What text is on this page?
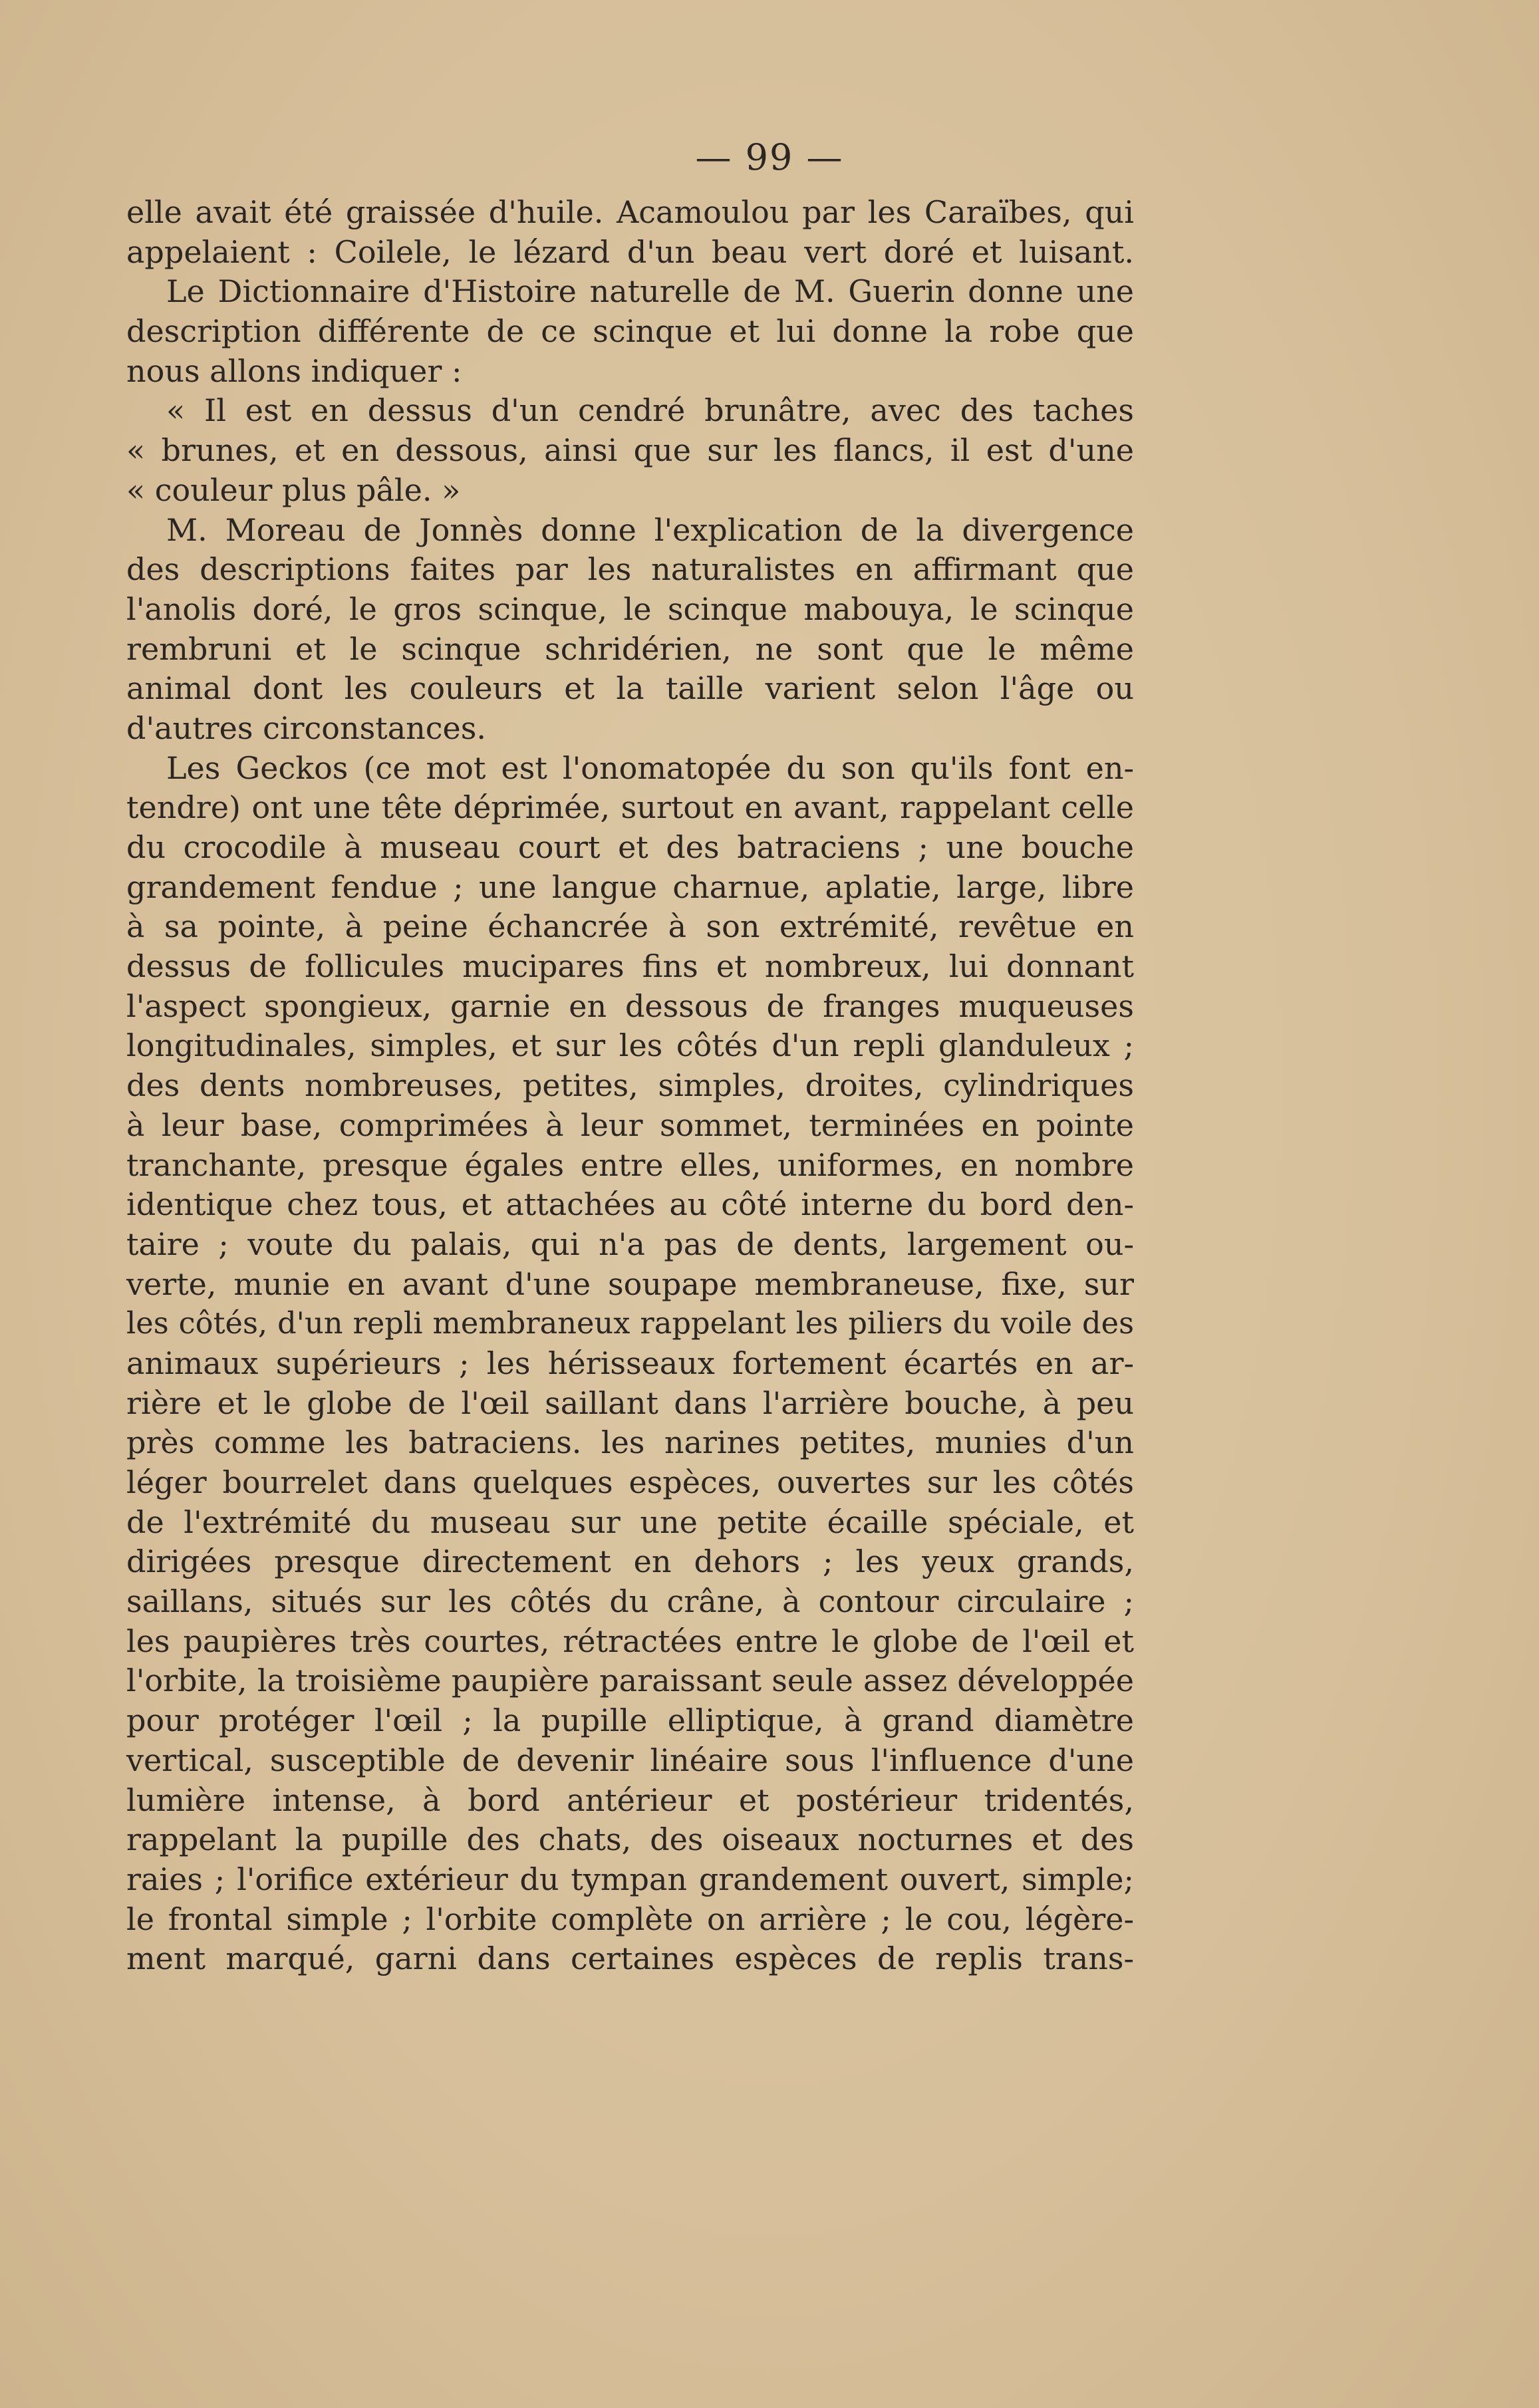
— 99 —
elle avait été graissée d'huile. Acamoulou par les Caraïbes, qui
appelaient : Coilele, le lézard d'un beau vert doré et luisant.
Le Dictionnaire d'Histoire naturelle de M. Guerin donne une
description différente de ce scinque et lui donne la robe que
nous allons indiquer :
« Il est en dessus d'un cendré brunâtre, avec des taches
« brunes, et en dessous, ainsi que sur les flancs, il est d'une
« couleur plus pâle. »
M. Moreau de Jonnès donne l'explication de la divergence
des descriptions faites par les naturalistes en affirmant que
l'anolis doré, le gros scinque, le scinque mabouya, le scinque
rembruni et le scinque schridérien, ne sont que le même
animal dont les couleurs et la taille varient selon l'âge ou
d'autres circonstances.
Les Geckos (ce mot est l'onomatopée du son qu'ils font en-
tendre) ont une tête déprimée, surtout en avant, rappelant celle
du crocodile à museau court et des batraciens ; une bouche
grandement fendue ; une langue charnue, aplatie, large, libre
à sa pointe, à peine échancrée à son extrémité, revêtue en
dessus de follicules mucipares fins et nombreux, lui donnant
l'aspect spongieux, garnie en dessous de franges muqueuses
longitudinales, simples, et sur les côtés d'un repli glanduleux ;
des dents nombreuses, petites, simples, droites, cylindriques
à leur base, comprimées à leur sommet, terminées en pointe
tranchante, presque égales entre elles, uniformes, en nombre
identique chez tous, et attachées au côté interne du bord den-
taire ; voute du palais, qui n'a pas de dents, largement ou-
verte, munie en avant d'une soupape membraneuse, fixe, sur
les côtés, d'un repli membraneux rappelant les piliers du voile des
animaux supérieurs ; les hérisseaux fortement écartés en ar-
rière et le globe de l'œil saillant dans l'arrière bouche, à peu
près comme les batraciens. les narines petites, munies d'un
léger bourrelet dans quelques espèces, ouvertes sur les côtés
de l'extrémité du museau sur une petite écaille spéciale, et
dirigées presque directement en dehors ; les yeux grands,
saillans, situés sur les côtés du crâne, à contour circulaire ;
les paupières très courtes, rétractées entre le globe de l'œil et
l'orbite, la troisième paupière paraissant seule assez développée
pour protéger l'œil ; la pupille elliptique, à grand diamètre
vertical, susceptible de devenir linéaire sous l'influence d'une
lumière intense, à bord antérieur et postérieur tridentés,
rappelant la pupille des chats, des oiseaux nocturnes et des
raies ; l'orifice extérieur du tympan grandement ouvert, simple;
le frontal simple ; l'orbite complète on arrière ; le cou, légère-
ment marqué, garni dans certaines espèces de replis trans-
